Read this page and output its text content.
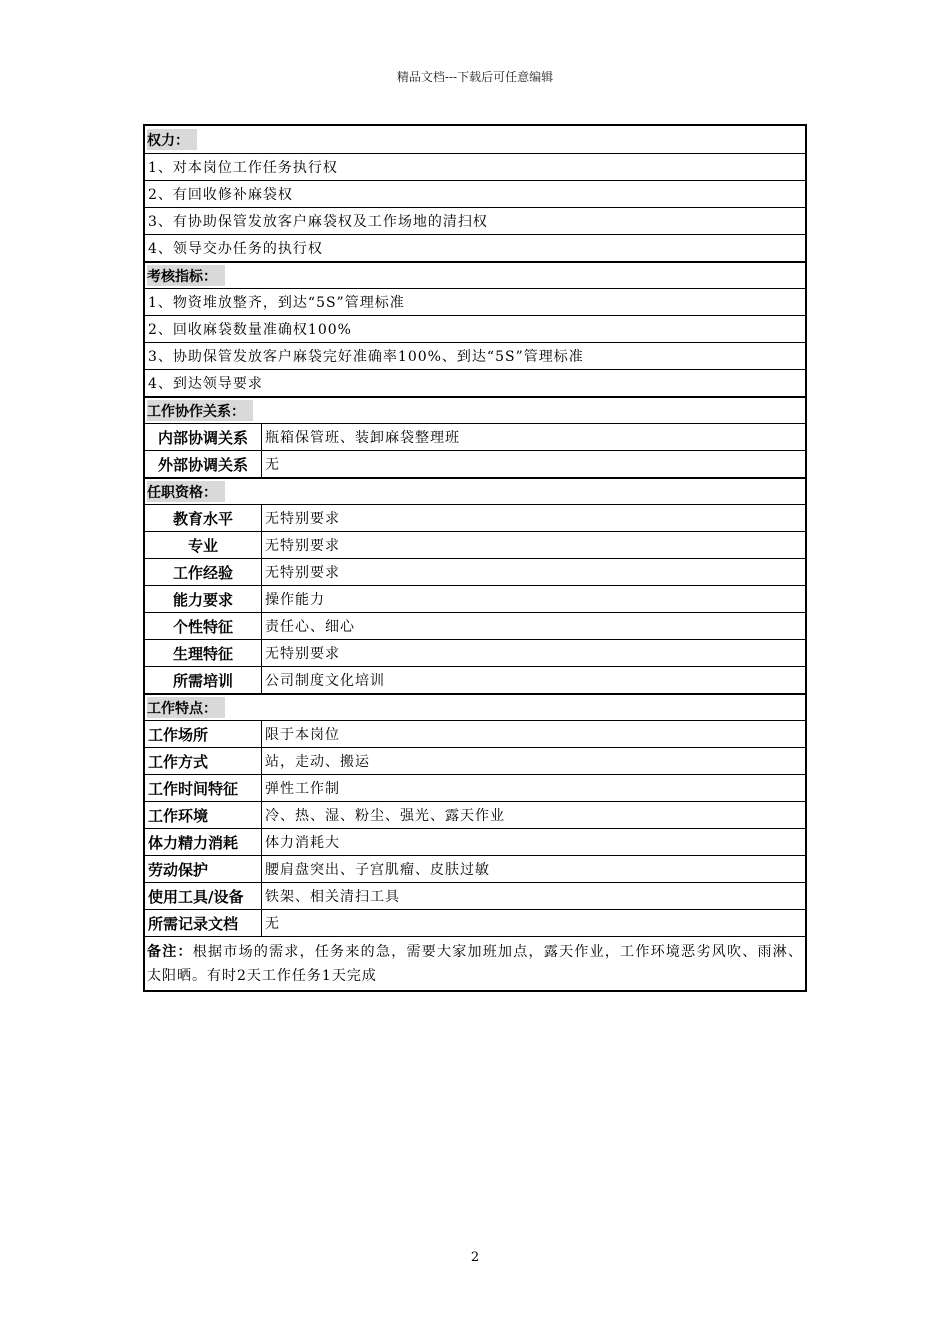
精品文档---下载后可任意编辑
权力：
1、对本岗位工作任务执行权
2、有回收修补麻袋权
3、有协助保管发放客户麻袋权及工作场地的清扫权
4、领导交办任务的执行权
考核指标：
1、物资堆放整齐，到达“5S”管理标准
2、回收麻袋数量准确权100%
3、协助保管发放客户麻袋完好准确率100%、到达“5S”管理标准
4、到达领导要求
工作协作关系：
内部协调关系	瓶箱保管班、装卸麻袋整理班
外部协调关系	无
任职资格：
教育水平	无特别要求
专业	无特别要求
工作经验	无特别要求
能力要求	操作能力
个性特征	责任心、细心
生理特征	无特别要求
所需培训	公司制度文化培训
工作特点：
工作场所	限于本岗位
工作方式	站，走动、搬运
工作时间特征	弹性工作制
工作环境	冷、热、湿、粉尘、强光、露天作业
体力精力消耗	体力消耗大
劳动保护	腰肩盘突出、子宫肌瘤、皮肤过敏
使用工具/设备	铁架、相关清扫工具
所需记录文档	无
备注：根据市场的需求，任务来的急，需要大家加班加点，露天作业，工作环境恶劣风吹、雨淋、太阳晒。有时2天工作任务1天完成
2
